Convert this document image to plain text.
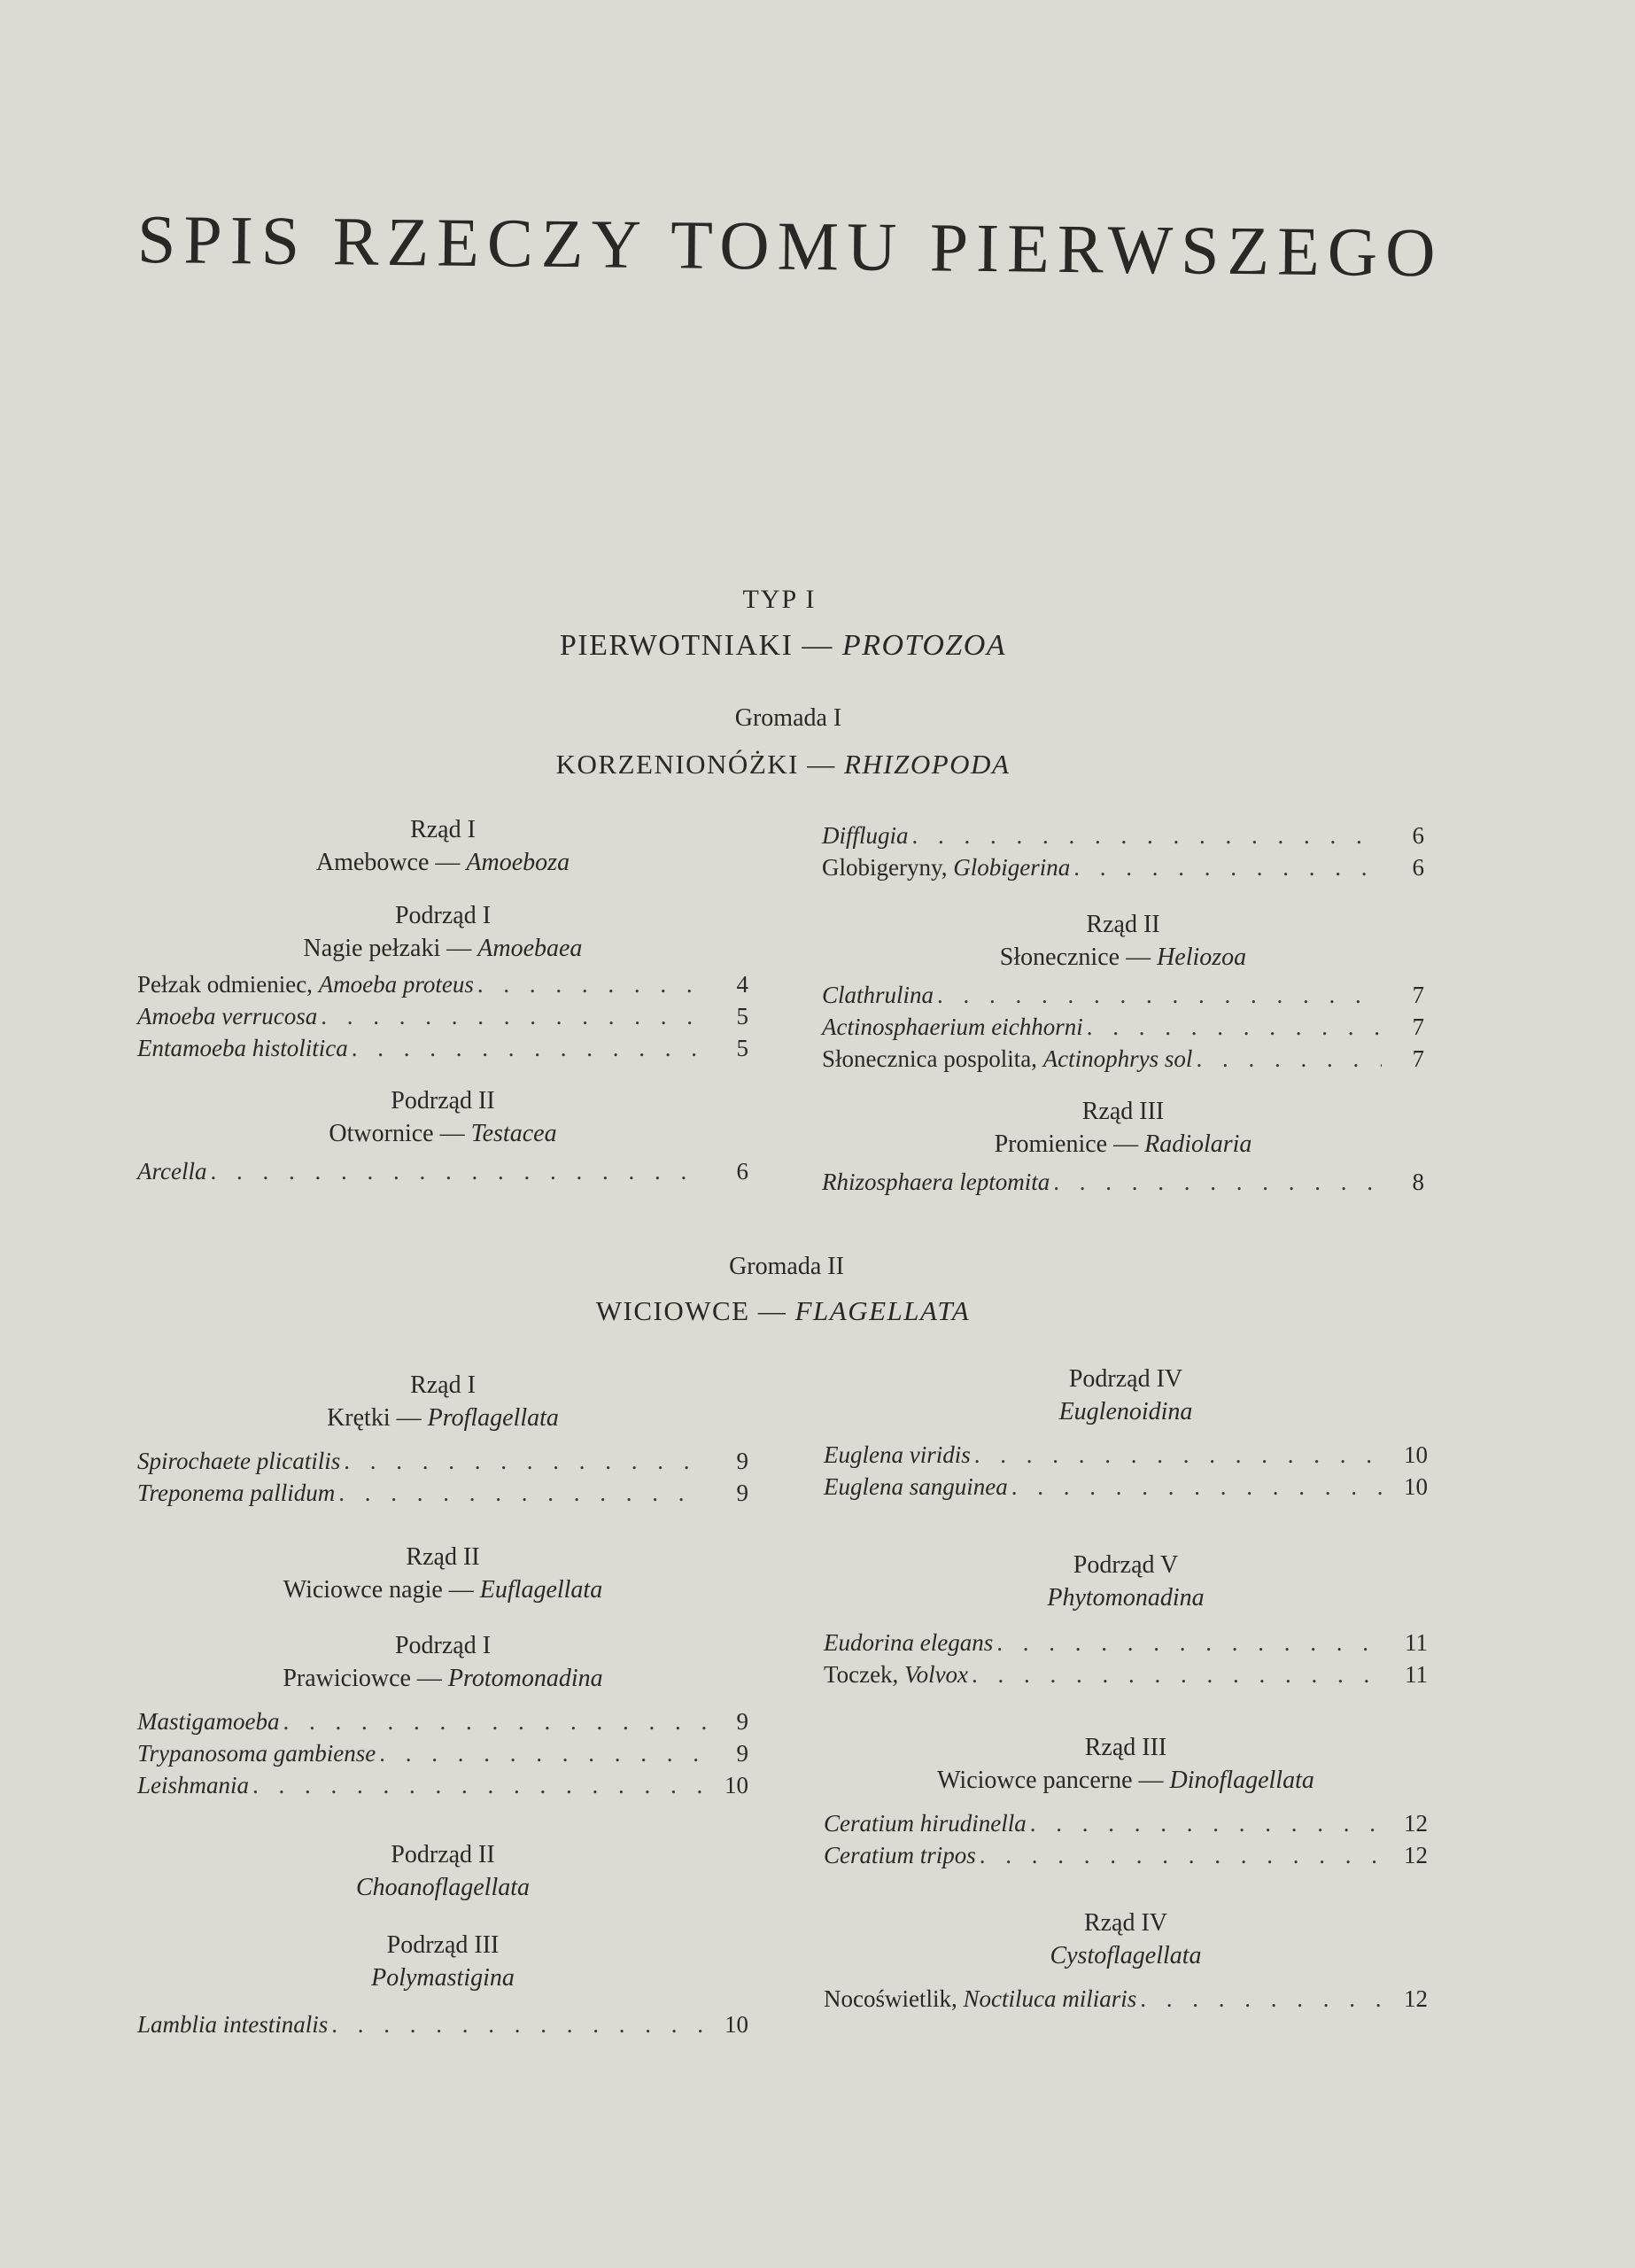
SPIS RZECZY TOMU PIERWSZEGO
TYP I
PIERWOTNIAKI — PROTOZOA
Gromada I
KORZENIONÓŻKI — RHIZOPODA
Rząd I
Amebowce — Amoeboza
Podrząd I
Nagie pełzaki — Amoebaea
Pełzak odmieniec, Amoeba proteus . . .	4
Amoeba verrucosa . . .	5
Entamoeba histolitica . . .	5
Podrząd II
Otwornice — Testacea
Arcella . . .	6
Difflugia . . .	6
Globigeryny, Globigerina . . .	6
Rząd II
Słonecznice — Heliozoa
Clathrulina . . .	7
Actinosphaerium eichhorni . . .	7
Słonecznica pospolita, Actinophrys sol . . .	7
Rząd III
Promienice — Radiolaria
Rhizosphaera leptomita . . .	8
Gromada II
WICIOWCE — FLAGELLATA
Rząd I
Krętki — Proflagellata
Spirochaete plicatilis . . .	9
Treponema pallidum . . .	9
Rząd II
Wiciowce nagie — Euflagellata
Podrząd I
Prawiciowce — Protomonadina
Mastigamoeba . . .	9
Trypanosoma gambiense . . .	9
Leishmania . . .	10
Podrząd II
Choanoflagellata
Podrząd III
Polymastigina
Lamblia intestinalis . . .	10
Podrząd IV
Euglenoidina
Euglena viridis . . .	10
Euglena sanguinea . . .	10
Podrząd V
Phytomonadina
Eudorina elegans . . .	11
Toczek, Volvox . . .	11
Rząd III
Wiciowce pancerne — Dinoflagellata
Ceratium hirudinella . . .	12
Ceratium tripos . . .	12
Rząd IV
Cystoflagellata
Nocoświetlik, Noctiluca miliaris . . .	12
